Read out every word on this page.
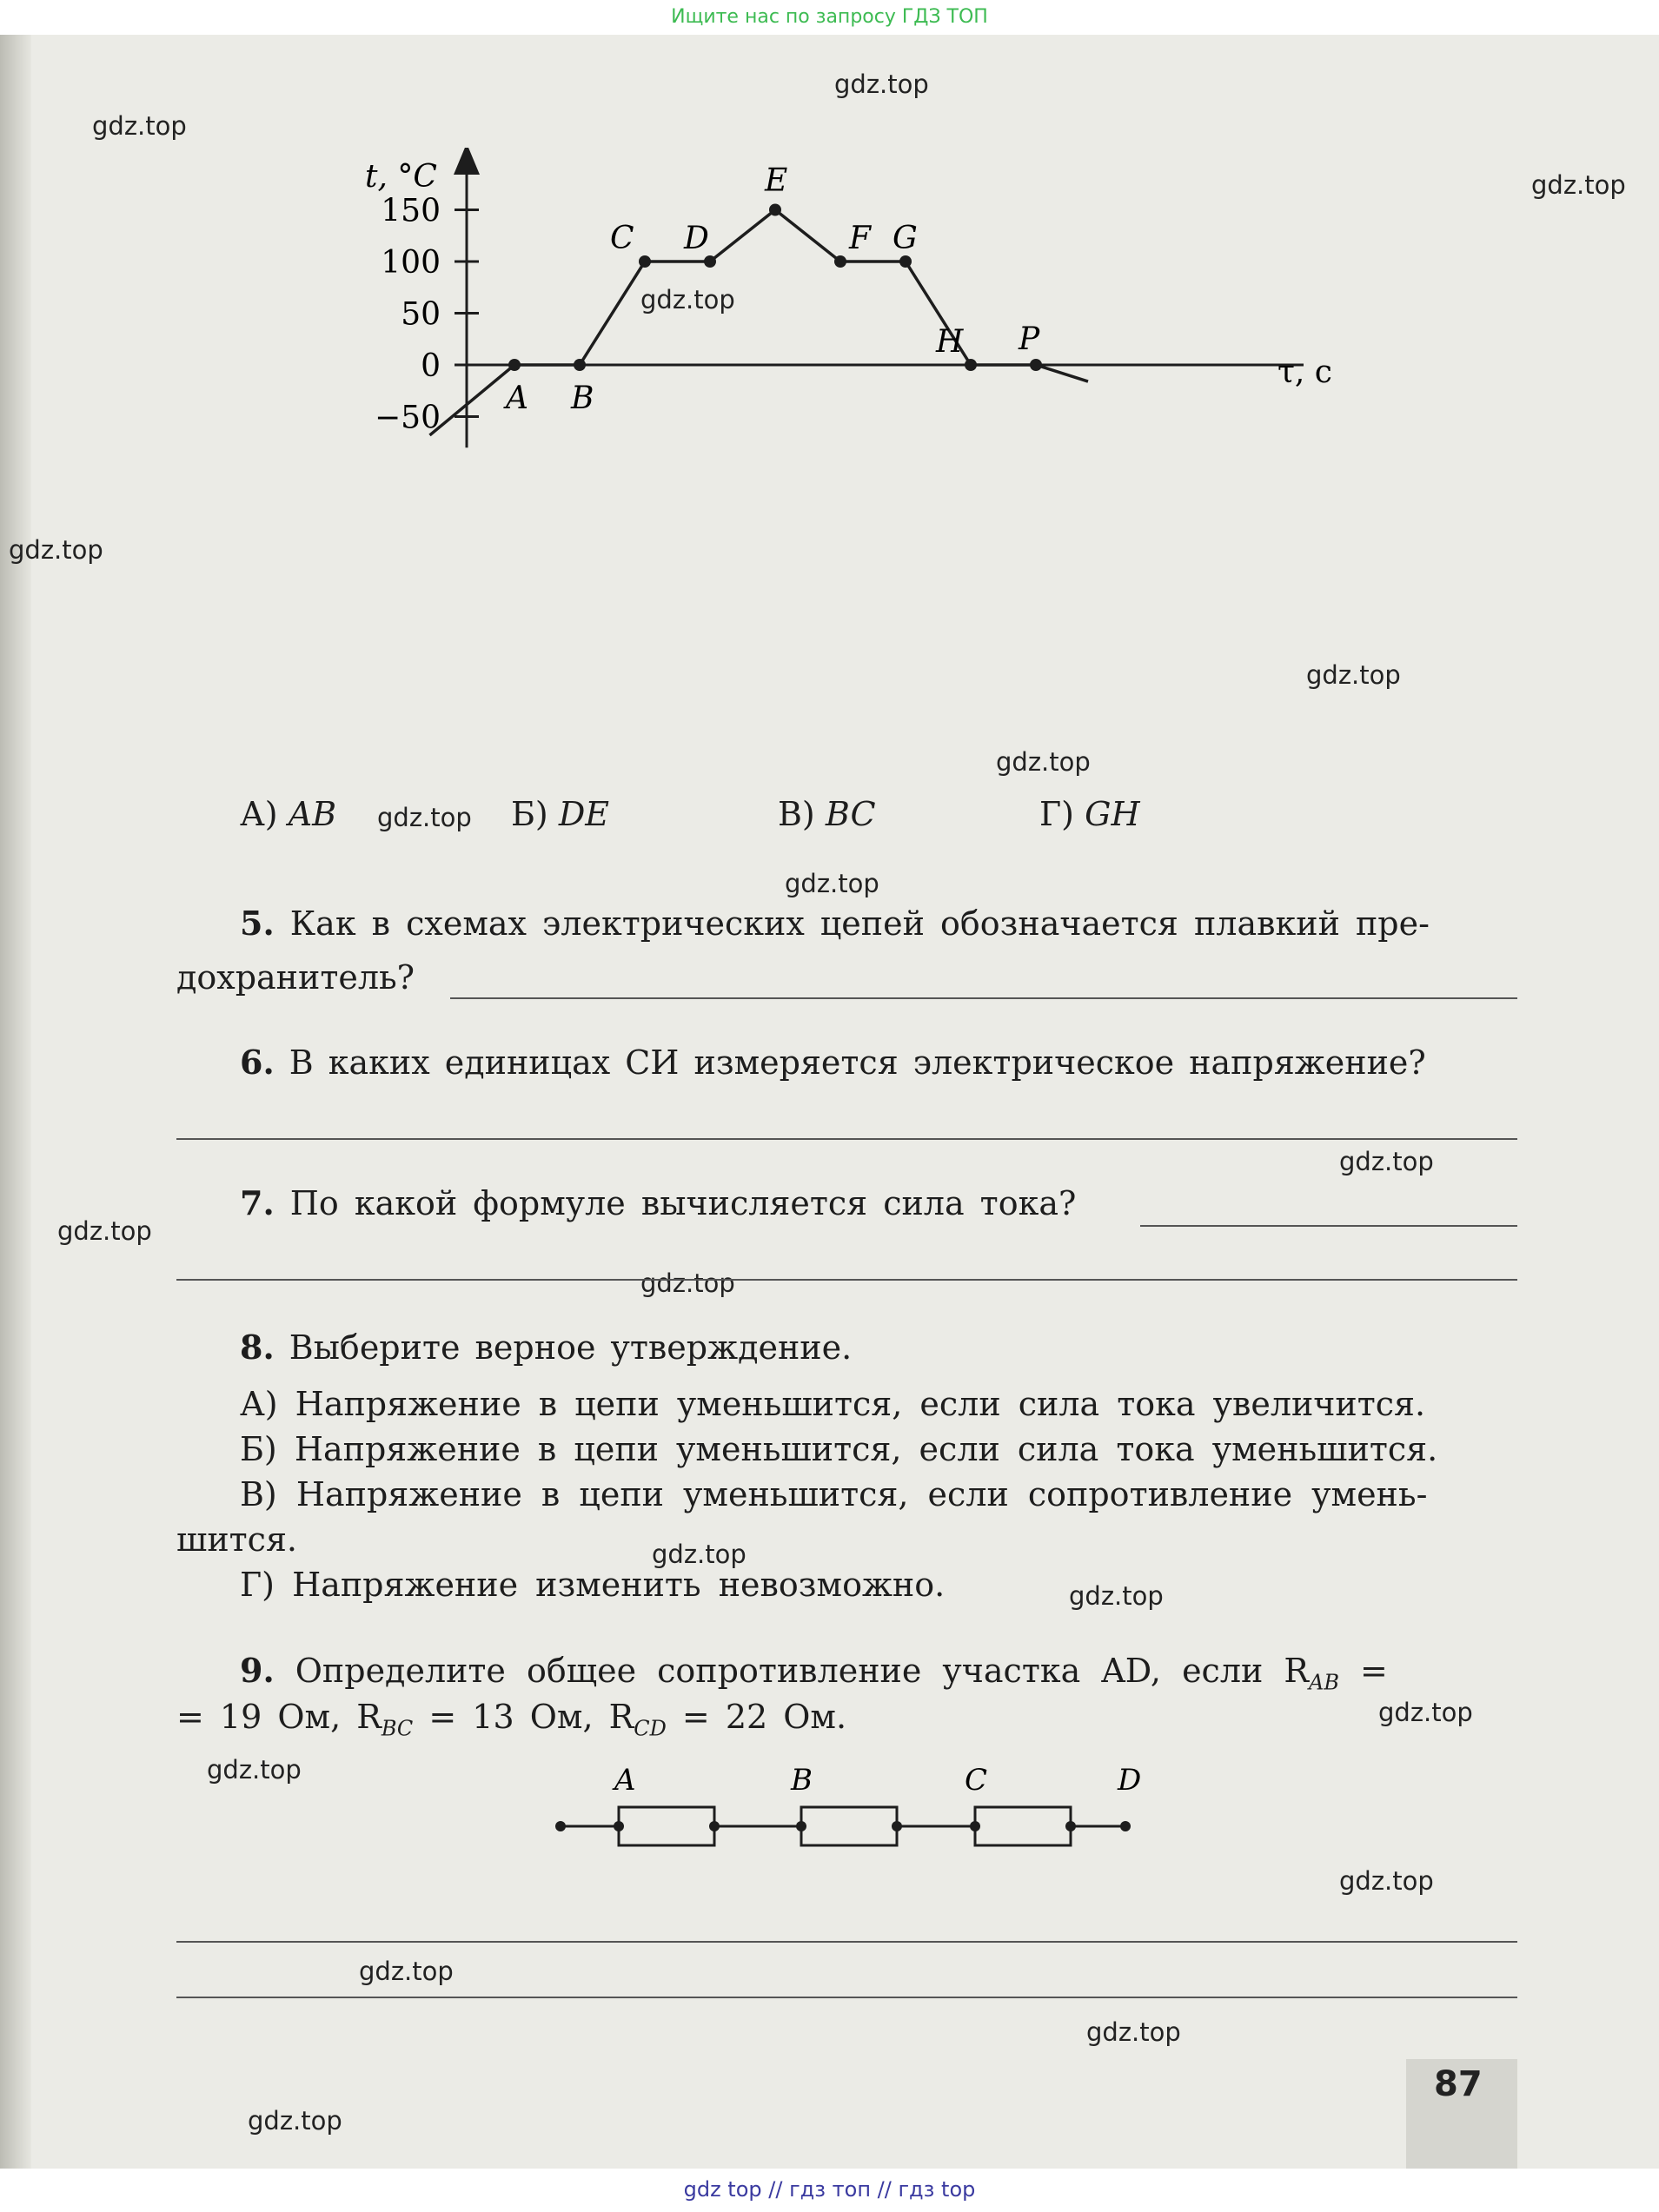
Ищите нас по запросу ГДЗ ТОП
gdz.top
gdz.top
gdz.top
gdz.top
gdz.top
gdz.top
gdz.top
gdz.top
gdz.top
gdz.top
gdz.top
gdz.top
gdz.top
gdz.top
gdz.top
gdz.top
gdz.top
gdz.top
gdz.top
gdz.top
t, °C
τ, с
150
100
50
0
−50
A B
C D
E
F G
H P
А) AB	Б) DE	В) BC	Г) GH
5. Как в схемах электрических цепей обозначается плавкий пре-
дохранитель?
6. В каких единицах СИ измеряется электрическое напряжение?
7. По какой формуле вычисляется сила тока?
8. Выберите верное утверждение.
А) Напряжение в цепи уменьшится, если сила тока увеличится.
Б) Напряжение в цепи уменьшится, если сила тока уменьшится.
В) Напряжение в цепи уменьшится, если сопротивление умень-
шится.
Г) Напряжение изменить невозможно.
9. Определите общее сопротивление участка AD, если $R_{AB}$ =
= 19 Ом, $R_{BC} = 13$ Ом, $R_{CD} = 22$ Ом.
A	B	C	D
87
gdz top // гдз топ // гдз top
